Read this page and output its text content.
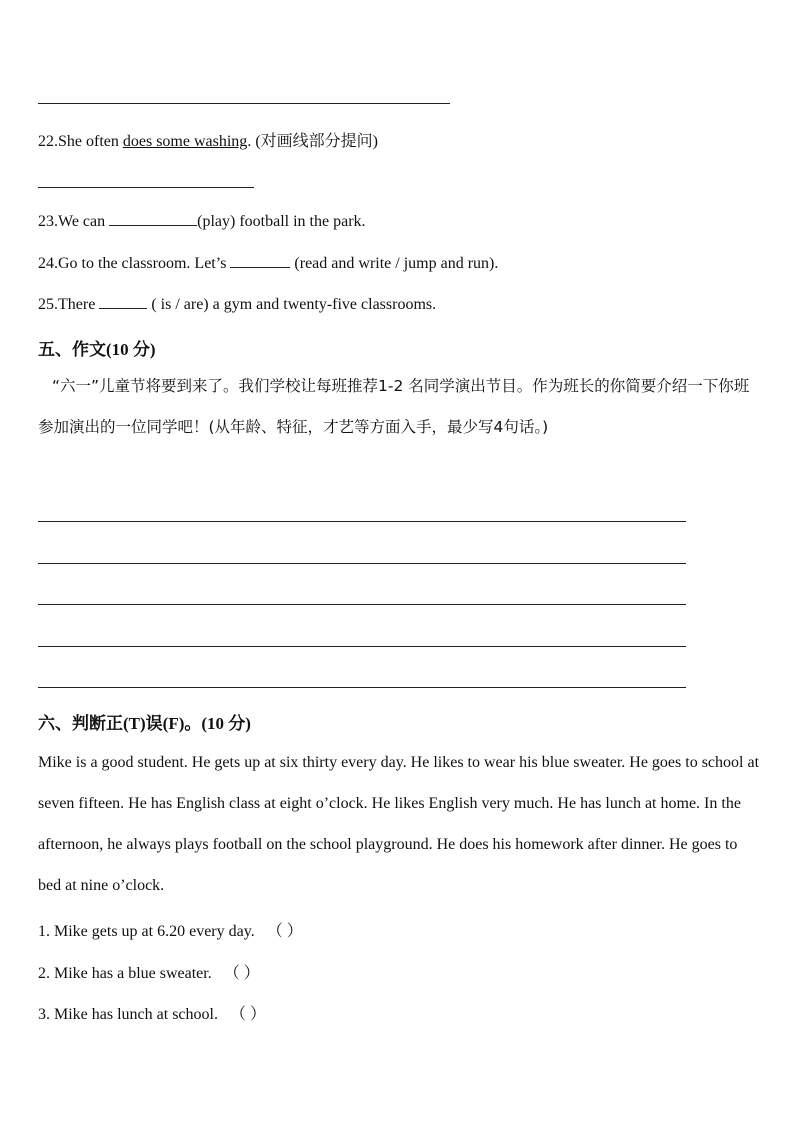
22.She often does some washing. (对画线部分提问)
23.We can	(play) football in the park.
24.Go to the classroom. Let’s	(read and write / jump and run).
25.There	( is / are) a gym and twenty-five classrooms.
五、作文(10 分)
“六一”儿童节将要到来了。我们学校让每班推荐1-2 名同学演出节目。作为班长的你简要介绍一下你班参加演出的一位同学吧！(从年龄、特征，才艺等方面入手，最少写4句话。)
六、判断正(T)误(F)。(10 分)
Mike is a good student. He gets up at six thirty every day. He likes to wear his blue sweater. He goes to school at seven fifteen. He has English class at eight o’clock. He likes English very much. He has lunch at home. In the afternoon, he always plays football on the school playground. He does his homework after dinner. He goes to bed at nine o’clock.
1. Mike gets up at 6.20 every day. （ ）
2. Mike has a blue sweater. （ ）
3. Mike has lunch at school. （ ）
